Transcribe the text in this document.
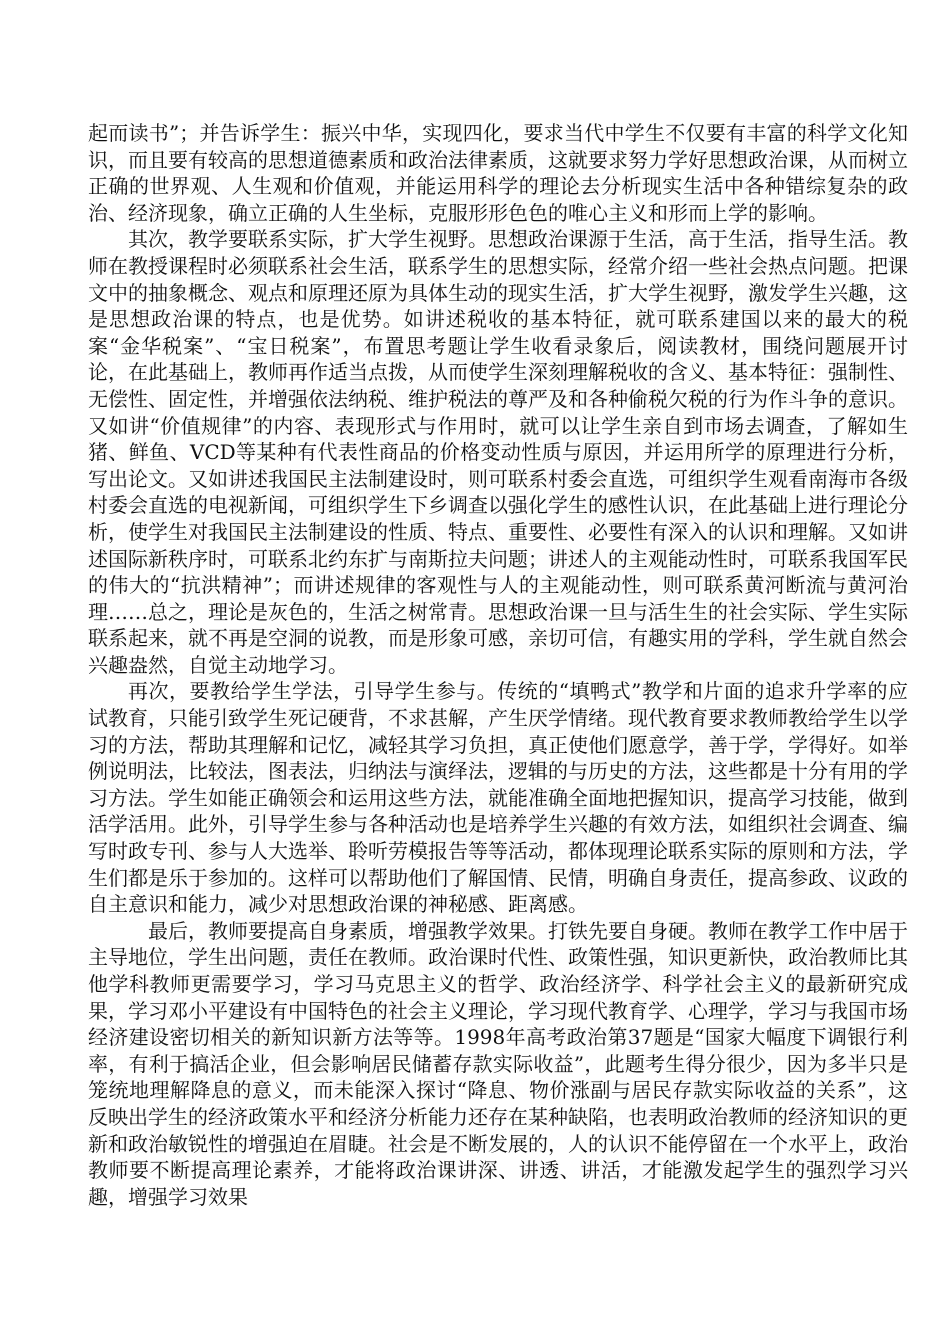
起而读书”；并告诉学生：振兴中华，实现四化，要求当代中学生不仅要有丰富的科学文化知识，而且要有较高的思想道德素质和政治法律素质，这就要求努力学好思想政治课，从而树立正确的世界观、人生观和价值观，并能运用科学的理论去分析现实生活中各种错综复杂的政治、经济现象，确立正确的人生坐标，克服形形色色的唯心主义和形而上学的影响。

其次，教学要联系实际，扩大学生视野。思想政治课源于生活，高于生活，指导生活。教师在教授课程时必须联系社会生活，联系学生的思想实际，经常介绍一些社会热点问题。把课文中的抽象概念、观点和原理还原为具体生动的现实生活，扩大学生视野，激发学生兴趣，这是思想政治课的特点，也是优势。如讲述税收的基本特征，就可联系建国以来的最大的税案“金华税案”、“宝日税案”，布置思考题让学生收看录象后，阅读教材，围绕问题展开讨论，在此基础上，教师再作适当点拨，从而使学生深刻理解税收的含义、基本特征：强制性、无偿性、固定性，并增强依法纳税、维护税法的尊严及和各种偷税欠税的行为作斗争的意识。又如讲“价值规律”的内容、表现形式与作用时，就可以让学生亲自到市场去调查，了解如生猪、鲜鱼、VCD等某种有代表性商品的价格变动性质与原因，并运用所学的原理进行分析，写出论文。又如讲述我国民主法制建设时，则可联系村委会直选，可组织学生观看南海市各级村委会直选的电视新闻，可组织学生下乡调查以强化学生的感性认识，在此基础上进行理论分析，使学生对我国民主法制建设的性质、特点、重要性、必要性有深入的认识和理解。又如讲述国际新秩序时，可联系北约东扩与南斯拉夫问题；讲述人的主观能动性时，可联系我国军民的伟大的“抗洪精神”；而讲述规律的客观性与人的主观能动性，则可联系黄河断流与黄河治理……总之，理论是灰色的，生活之树常青。思想政治课一旦与活生生的社会实际、学生实际联系起来，就不再是空洞的说教，而是形象可感，亲切可信，有趣实用的学科，学生就自然会兴趣盎然，自觉主动地学习。

再次，要教给学生学法，引导学生参与。传统的“填鸭式”教学和片面的追求升学率的应试教育，只能引致学生死记硬背，不求甚解，产生厌学情绪。现代教育要求教师教给学生以学习的方法，帮助其理解和记忆，减轻其学习负担，真正使他们愿意学，善于学，学得好。如举例说明法，比较法，图表法，归纳法与演绎法，逻辑的与历史的方法，这些都是十分有用的学习方法。学生如能正确领会和运用这些方法，就能准确全面地把握知识，提高学习技能，做到活学活用。此外，引导学生参与各种活动也是培养学生兴趣的有效方法，如组织社会调查、编写时政专刊、参与人大选举、聆听劳模报告等等活动，都体现理论联系实际的原则和方法，学生们都是乐于参加的。这样可以帮助他们了解国情、民情，明确自身责任，提高参政、议政的自主意识和能力，减少对思想政治课的神秘感、距离感。

最后，教师要提高自身素质，增强教学效果。打铁先要自身硬。教师在教学工作中居于主导地位，学生出问题，责任在教师。政治课时代性、政策性强，知识更新快，政治教师比其他学科教师更需要学习，学习马克思主义的哲学、政治经济学、科学社会主义的最新研究成果，学习邓小平建设有中国特色的社会主义理论，学习现代教育学、心理学，学习与我国市场经济建设密切相关的新知识新方法等等。1998年高考政治第37题是“国家大幅度下调银行利率，有利于搞活企业，但会影响居民储蓄存款实际收益”，此题考生得分很少，因为多半只是笼统地理解降息的意义，而未能深入探讨“降息、物价涨副与居民存款实际收益的关系”，这反映出学生的经济政策水平和经济分析能力还存在某种缺陷，也表明政治教师的经济知识的更新和政治敏锐性的增强迫在眉睫。社会是不断发展的，人的认识不能停留在一个水平上，政治教师要不断提高理论素养，才能将政治课讲深、讲透、讲活，才能激发起学生的强烈学习兴趣，增强学习效果
